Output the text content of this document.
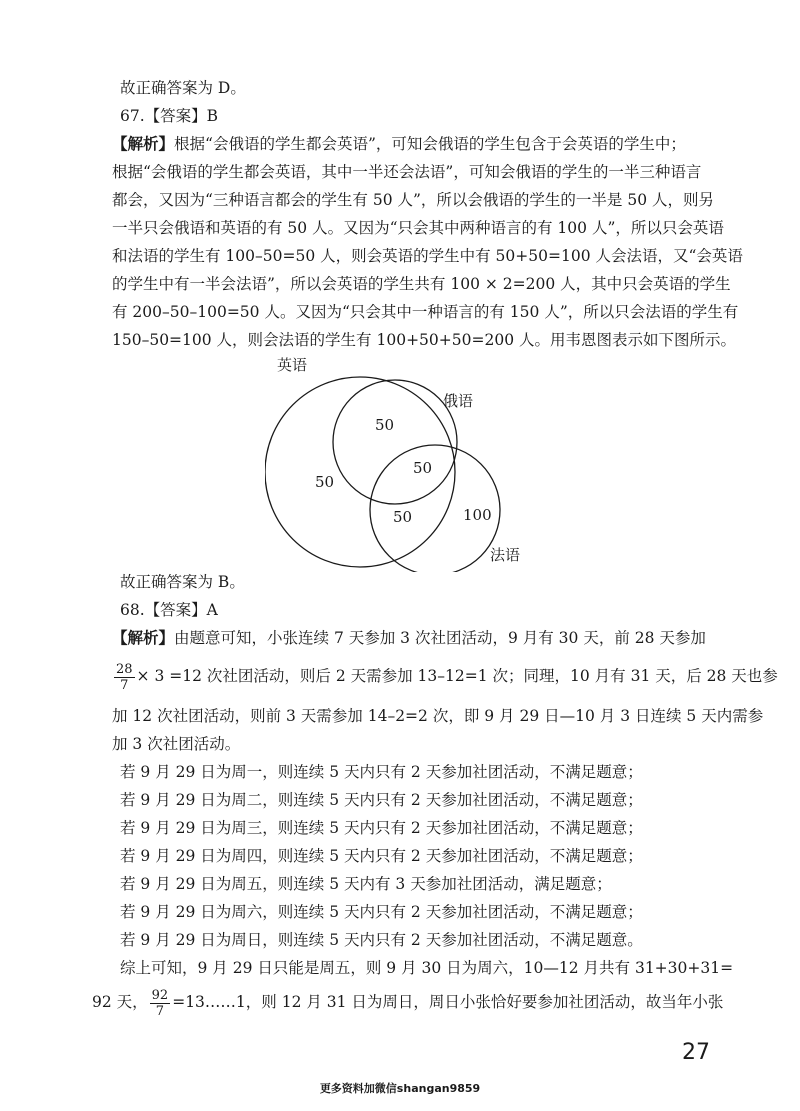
故正确答案为 D。
67.【答案】B
【解析】根据“会俄语的学生都会英语”，可知会俄语的学生包含于会英语的学生中；
根据“会俄语的学生都会英语，其中一半还会法语”，可知会俄语的学生的一半三种语言
都会，又因为“三种语言都会的学生有 50 人”，所以会俄语的学生的一半是 50 人，则另
一半只会俄语和英语的有 50 人。又因为“只会其中两种语言的有 100 人”，所以只会英语
和法语的学生有 100–50=50 人，则会英语的学生中有 50+50=100 人会法语，又“会英语
的学生中有一半会法语”，所以会英语的学生共有 100 × 2=200 人，其中只会英语的学生
有 200–50–100=50 人。又因为“只会其中一种语言的有 150 人”，所以只会法语的学生有
150–50=100 人，则会法语的学生有 100+50+50=200 人。用韦恩图表示如下图所示。
英语
俄语
法语
50
50
50
50	100
故正确答案为 B。
68.【答案】A
【解析】由题意可知，小张连续 7 天参加 3 次社团活动，9 月有 30 天，前 28 天参加
$\frac{28}{7} \times 3 =12$ 次社团活动，则后 2 天需参加 13–12=1 次；同理，10 月有 31 天，后 28 天也参
加 12 次社团活动，则前 3 天需参加 14–2=2 次，即 9 月 29 日—10 月 3 日连续 5 天内需参
加 3 次社团活动。
若 9 月 29 日为周一，则连续 5 天内只有 2 天参加社团活动，不满足题意；
若 9 月 29 日为周二，则连续 5 天内只有 2 天参加社团活动，不满足题意；
若 9 月 29 日为周三，则连续 5 天内只有 2 天参加社团活动，不满足题意；
若 9 月 29 日为周四，则连续 5 天内只有 2 天参加社团活动，不满足题意；
若 9 月 29 日为周五，则连续 5 天内有 3 天参加社团活动，满足题意；
若 9 月 29 日为周六，则连续 5 天内只有 2 天参加社团活动，不满足题意；
若 9 月 29 日为周日，则连续 5 天内只有 2 天参加社团活动，不满足题意。
综上可知，9 月 29 日只能是周五，则 9 月 30 日为周六，10—12 月共有 31+30+31=
92 天， $\frac{92}{7}$ =13……1，则 12 月 31 日为周日，周日小张恰好要参加社团活动，故当年小张
27
更多资料加微信shangan9859
